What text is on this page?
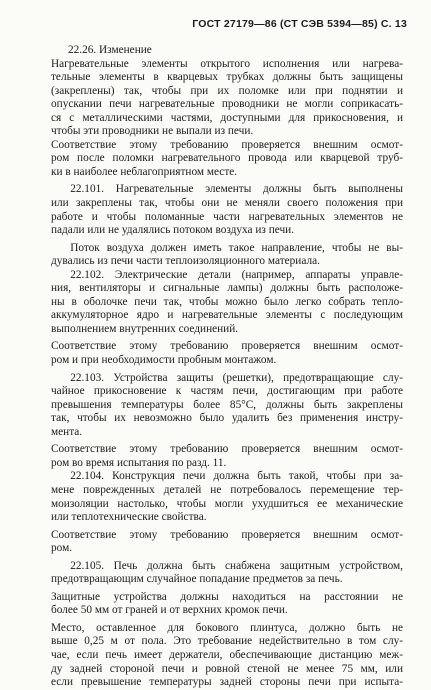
ГОСТ 27179—86 (СТ СЭВ 5394—85) С. 13
22.26. Изменение
Нагревательные элементы открытого исполнения или нагрева-
тельные элементы в кварцевых трубках должны быть защищены
(закреплены) так, чтобы при их поломке или при поднятии и
опускании печи нагревательные проводники не могли соприкасать-
ся с металлическими частями, доступными для прикосновения, и
чтобы эти проводники не выпали из печи.
Соответствие этому требованию проверяется внешним осмот-
ром после поломки нагревательного провода или кварцевой труб-
ки в наиболее неблагоприятном месте.
22.101. Нагревательные элементы должны быть выполнены
или закреплены так, чтобы они не меняли своего положения при
работе и чтобы поломанные части нагревательных элементов не
падали или не удалялись потоком воздуха из печи.
Поток воздуха должен иметь такое направление, чтобы не вы-
дувались из печи части теплоизоляционного материала.
22.102. Электрические детали (например, аппараты управле-
ния, вентиляторы и сигнальные лампы) должны быть расположе-
ны в оболочке печи так, чтобы можно было легко собрать тепло-
аккумуляторное ядро и нагревательные элементы с последующим
выполнением внутренних соединений.
Соответствие этому требованию проверяется внешним осмот-
ром и при необходимости пробным монтажом.
22.103. Устройства защиты (решетки), предотвращающие слу-
чайное прикосновение к частям печи, достигающим при работе
превышения температуры более 85°С, должны быть закреплены
так, чтобы их невозможно было удалить без применения инстру-
мента.
Соответствие этому требованию проверяется внешним осмот-
ром во время испытания по разд. 11.
22.104. Конструкция печи должна быть такой, чтобы при за-
мене поврежденных деталей не потребовалось перемещение тер-
моизоляции настолько, чтобы могли ухудшиться ее механические
или теплотехнические свойства.
Соответствие этому требованию проверяется внешним осмот-
ром.
22.105. Печь должна быть снабжена защитным устройством,
предотвращающим случайное попадание предметов за печь.
Защитные устройства должны находиться на расстоянии не
более 50 мм от граней и от верхних кромок печи.
Место, оставленное для бокового плинтуса, должно быть не
выше 0,25 м от пола. Это требование недействительно в том слу-
чае, если печь имеет держатели, обеспечивающие дистанцию меж-
ду задней стороной печи и ровной стеной не менее 75 мм, или
если превышение температуры задней стороны печи при испыта-
